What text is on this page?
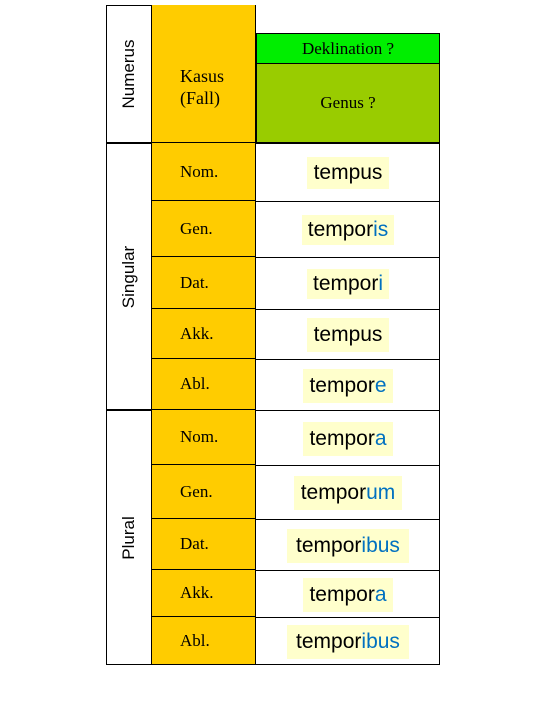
Numerus
Singular
Plural
Kasus
(Fall)
Nom.
Gen.
Dat.
Akk.
Abl.
Nom.
Gen.
Dat.
Akk.
Abl.
Deklination ?
Genus ?
tempus
tempor is
tempor i
tempus
tempor e
tempor a
tempor um
tempor ibus
tempor a
tempor ibus
